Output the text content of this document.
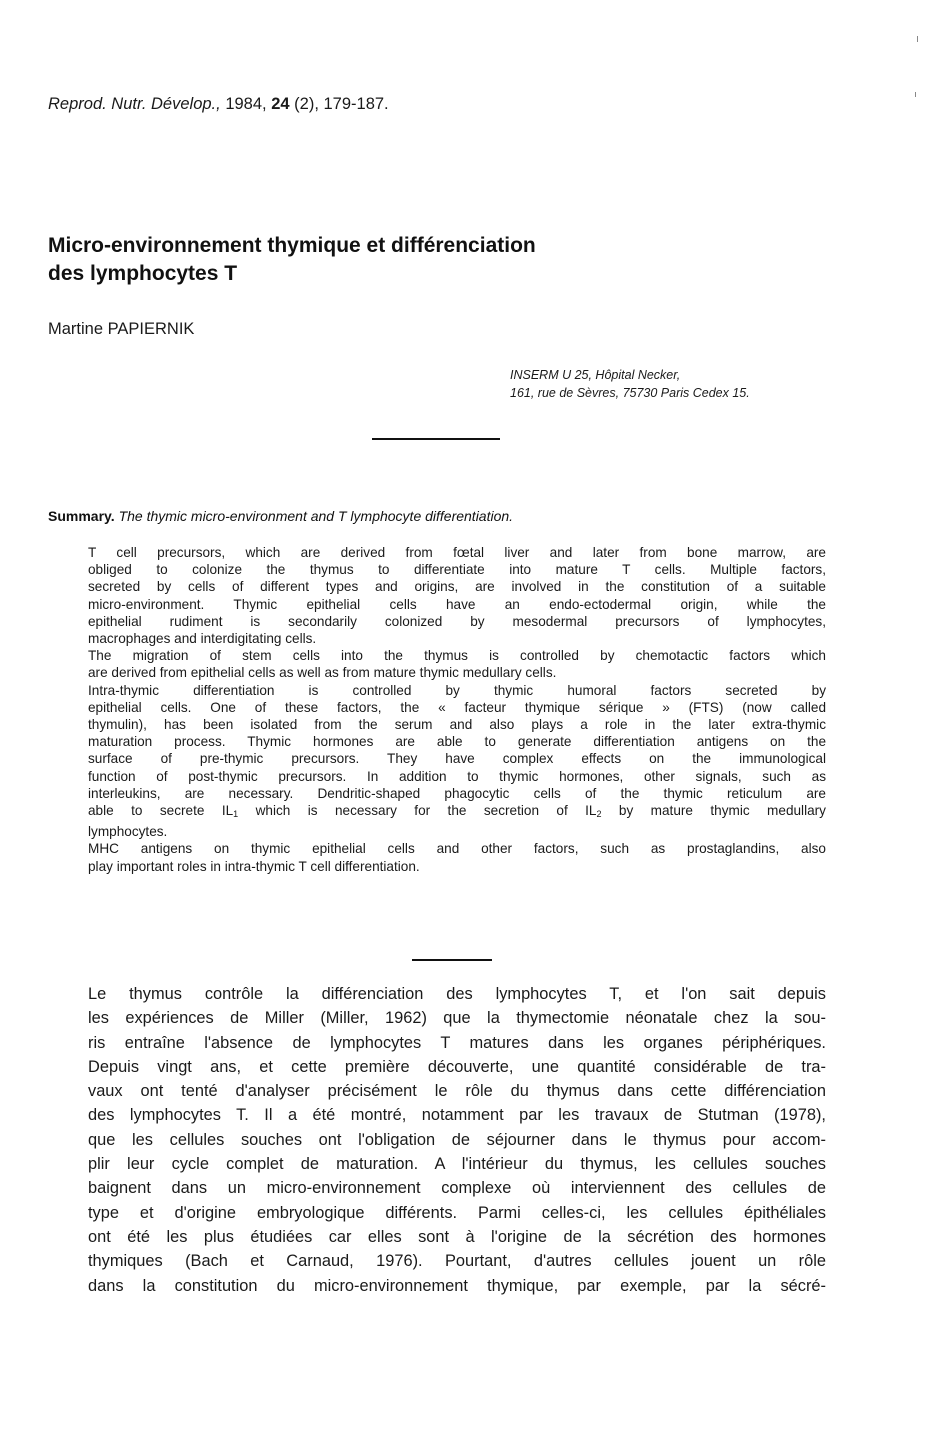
Reprod. Nutr. Dévelop., 1984, 24 (2), 179-187.
Micro-environnement thymique et différenciation
des lymphocytes T
Martine PAPIERNIK
INSERM U 25, Hôpital Necker,
161, rue de Sèvres, 75730 Paris Cedex 15.
Summary. The thymic micro-environment and T lymphocyte differentiation.

T cell precursors, which are derived from fœtal liver and later from bone marrow, are
obliged to colonize the thymus to differentiate into mature T cells. Multiple factors,
secreted by cells of different types and origins, are involved in the constitution of a suitable
micro-environment. Thymic epithelial cells have an endo-ectodermal origin, while the
epithelial rudiment is secondarily colonized by mesodermal precursors of lymphocytes,
macrophages and interdigitating cells.

The migration of stem cells into the thymus is controlled by chemotactic factors which
are derived from epithelial cells as well as from mature thymic medullary cells.

Intra-thymic differentiation is controlled by thymic humoral factors secreted by
epithelial cells. One of these factors, the « facteur thymique sérique » (FTS) (now called
thymulin), has been isolated from the serum and also plays a role in the later extra-thymic
maturation process. Thymic hormones are able to generate differentiation antigens on the
surface of pre-thymic precursors. They have complex effects on the immunological
function of post-thymic precursors. In addition to thymic hormones, other signals, such as
interleukins, are necessary. Dendritic-shaped phagocytic cells of the thymic reticulum are
able to secrete $IL_1$ which is necessary for the secretion of $IL_2$ by mature thymic medullary
lymphocytes.

MHC antigens on thymic epithelial cells and other factors, such as prostaglandins, also
play important roles in intra-thymic T cell differentiation.

Le thymus contrôle la différenciation des lymphocytes T, et l'on sait depuis
les expériences de Miller (Miller, 1962) que la thymectomie néonatale chez la sou-
ris entraîne l'absence de lymphocytes T matures dans les organes périphériques.
Depuis vingt ans, et cette première découverte, une quantité considérable de tra-
vaux ont tenté d'analyser précisément le rôle du thymus dans cette différenciation
des lymphocytes T. Il a été montré, notamment par les travaux de Stutman (1978),
que les cellules souches ont l'obligation de séjourner dans le thymus pour accom-
plir leur cycle complet de maturation. A l'intérieur du thymus, les cellules souches
baignent dans un micro-environnement complexe où interviennent des cellules de
type et d'origine embryologique différents. Parmi celles-ci, les cellules épithéliales
ont été les plus étudiées car elles sont à l'origine de la sécrétion des hormones
thymiques (Bach et Carnaud, 1976). Pourtant, d'autres cellules jouent un rôle
dans la constitution du micro-environnement thymique, par exemple, par la sécré-
